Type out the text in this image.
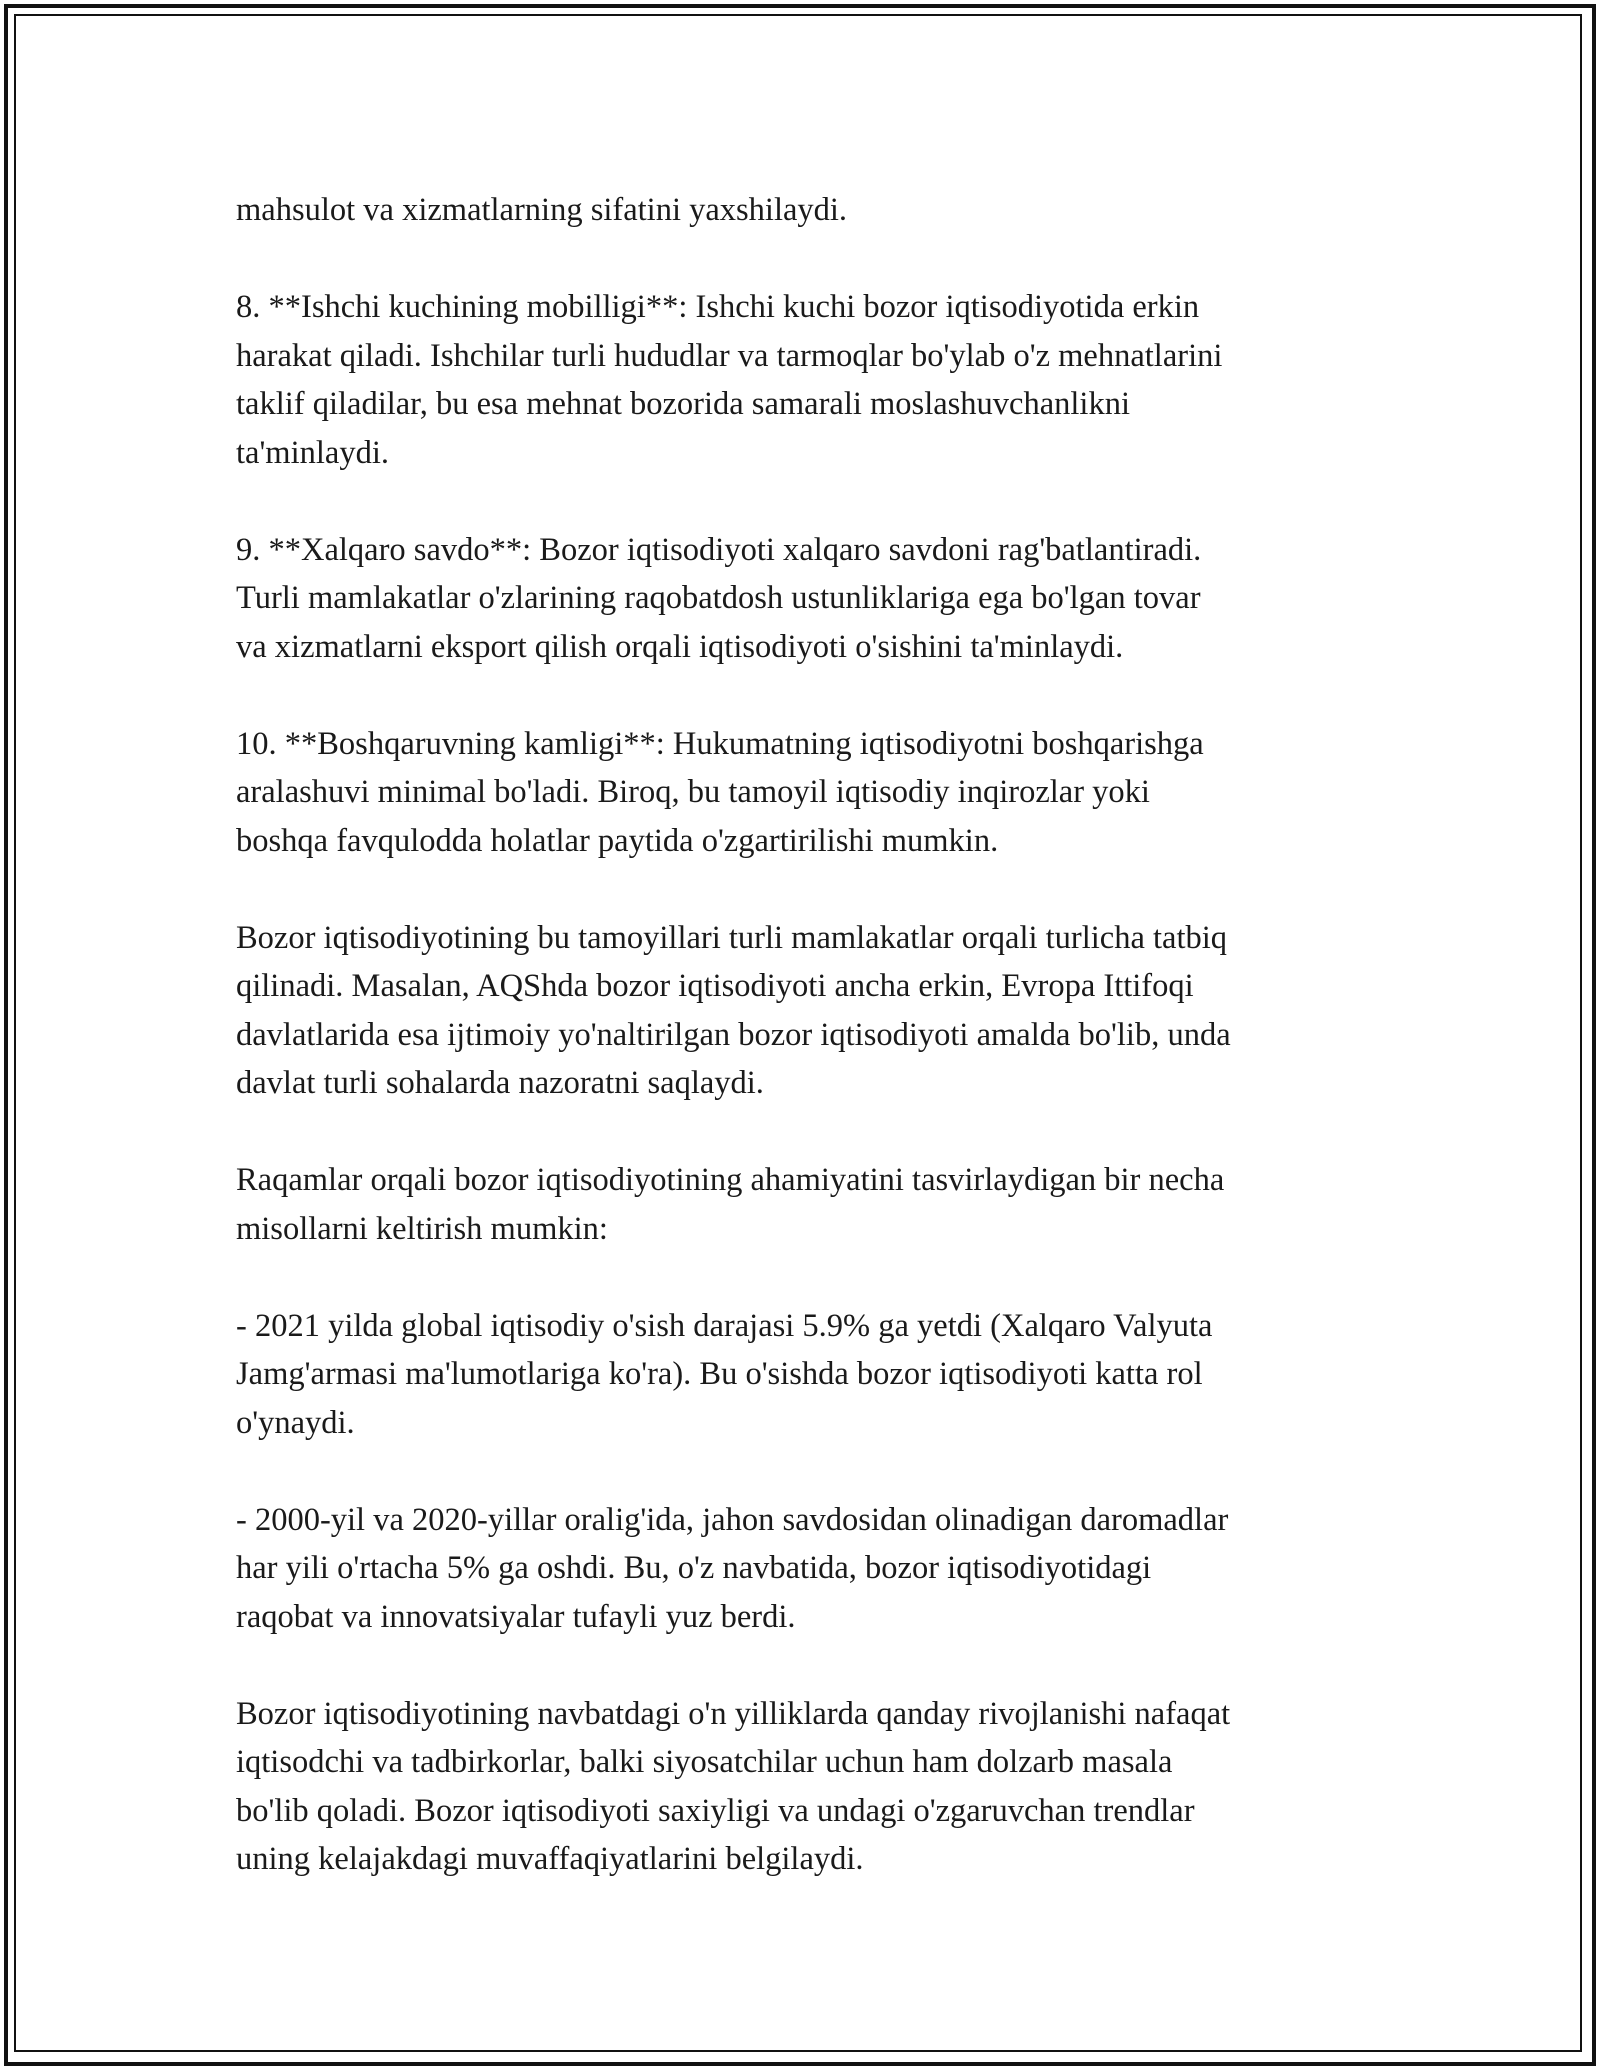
mahsulot va xizmatlarning sifatini yaxshilaydi.

8. **Ishchi kuchining mobilligi**: Ishchi kuchi bozor iqtisodiyotida erkin
harakat qiladi. Ishchilar turli hududlar va tarmoqlar bo'ylab o'z mehnatlarini
taklif qiladilar, bu esa mehnat bozorida samarali moslashuvchanlikni
ta'minlaydi.

9. **Xalqaro savdo**: Bozor iqtisodiyoti xalqaro savdoni rag'batlantiradi.
Turli mamlakatlar o'zlarining raqobatdosh ustunliklariga ega bo'lgan tovar
va xizmatlarni eksport qilish orqali iqtisodiyoti o'sishini ta'minlaydi.

10. **Boshqaruvning kamligi**: Hukumatning iqtisodiyotni boshqarishga
aralashuvi minimal bo'ladi. Biroq, bu tamoyil iqtisodiy inqirozlar yoki
boshqa favqulodda holatlar paytida o'zgartirilishi mumkin.

Bozor iqtisodiyotining bu tamoyillari turli mamlakatlar orqali turlicha tatbiq
qilinadi. Masalan, AQShda bozor iqtisodiyoti ancha erkin, Evropa Ittifoqi
davlatlarida esa ijtimoiy yo'naltirilgan bozor iqtisodiyoti amalda bo'lib, unda
davlat turli sohalarda nazoratni saqlaydi.

Raqamlar orqali bozor iqtisodiyotining ahamiyatini tasvirlaydigan bir necha
misollarni keltirish mumkin:

- 2021 yilda global iqtisodiy o'sish darajasi 5.9% ga yetdi (Xalqaro Valyuta
Jamg'armasi ma'lumotlariga ko'ra). Bu o'sishda bozor iqtisodiyoti katta rol
o'ynaydi.

- 2000-yil va 2020-yillar oralig'ida, jahon savdosidan olinadigan daromadlar
har yili o'rtacha 5% ga oshdi. Bu, o'z navbatida, bozor iqtisodiyotidagi
raqobat va innovatsiyalar tufayli yuz berdi.

Bozor iqtisodiyotining navbatdagi o'n yilliklarda qanday rivojlanishi nafaqat
iqtisodchi va tadbirkorlar, balki siyosatchilar uchun ham dolzarb masala
bo'lib qoladi. Bozor iqtisodiyoti saxiyligi va undagi o'zgaruvchan trendlar
uning kelajakdagi muvaffaqiyatlarini belgilaydi.
